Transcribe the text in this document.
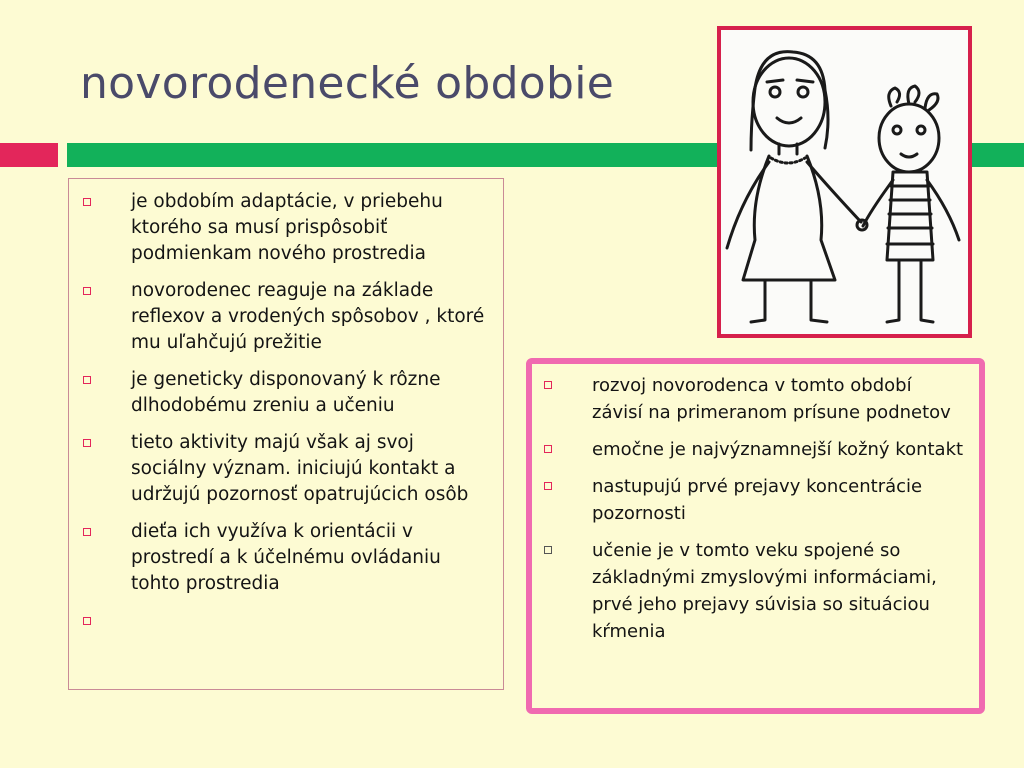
novorodenecké obdobie
je obdobím adaptácie, v priebehu ktorého sa musí prispôsobiť podmienkam nového prostredia
novorodenec reaguje na základe reflexov a vrodených spôsobov , ktoré mu uľahčujú prežitie
je geneticky disponovaný k rôzne dlhodobému zreniu a učeniu
tieto aktivity majú však aj svoj sociálny význam. iniciujú kontakt a udržujú pozornosť opatrujúcich osôb
dieťa ich využíva k orientácii v prostredí a k účelnému ovládaniu tohto prostredia
rozvoj novorodenca v tomto období závisí na primeranom prísune podnetov
emočne je najvýznamnejší kožný kontakt
nastupujú prvé prejavy koncentrácie pozornosti
učenie je v tomto veku spojené so základnými zmyslovými informáciami, prvé jeho prejavy súvisia so situáciou kŕmenia
